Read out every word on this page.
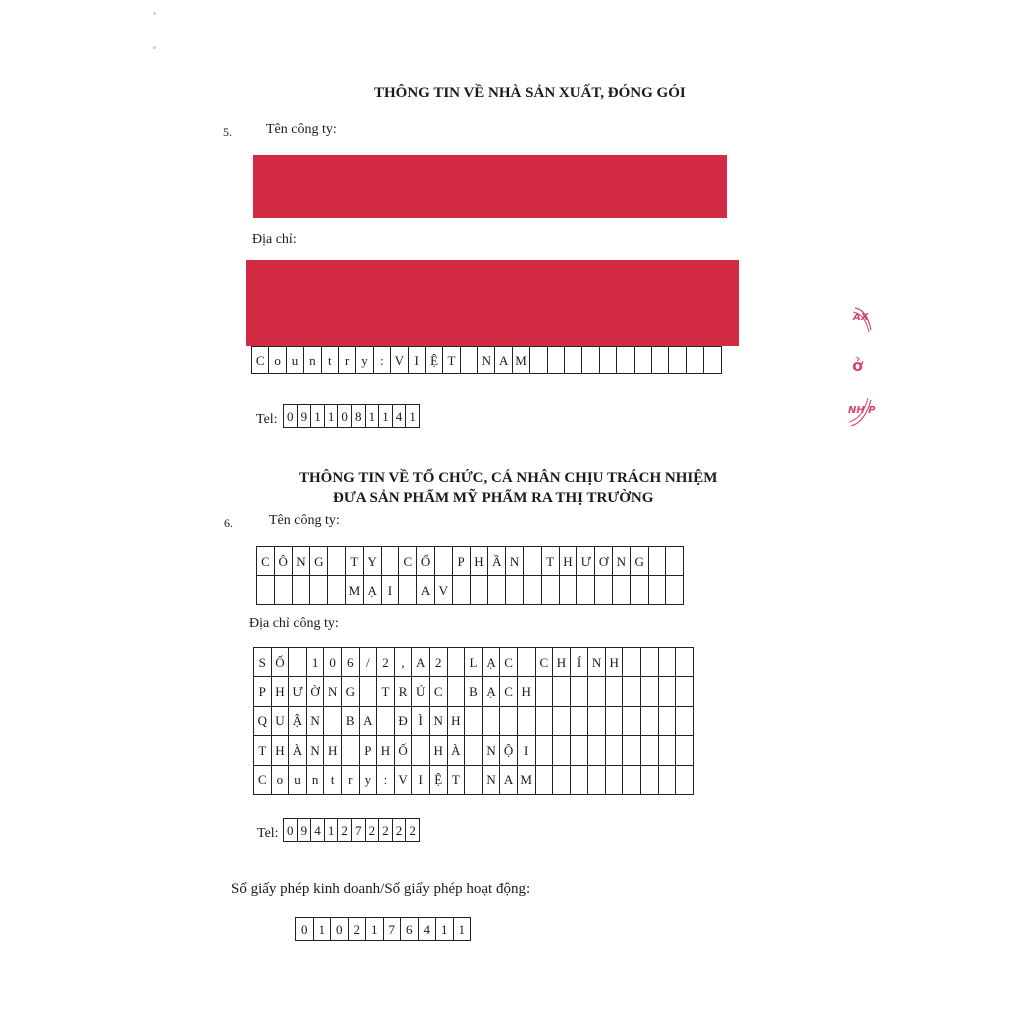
THÔNG TIN VỀ NHÀ SẢN XUẤT, ĐÓNG GÓI
5. Tên công ty:
Địa chỉ:
C	o	u	n	t	r	y	:	V	I	Ệ	T		N	A	M											
Tel: 0	9	1	1	0	8	1	1	4	1
AX
ở
NH P
THÔNG TIN VỀ TỔ CHỨC, CÁ NHÂN CHỊU TRÁCH NHIỆM
ĐƯA SẢN PHẨM MỸ PHẨM RA THỊ TRƯỜNG
6.	Tên công ty:
C	Ô	N	G		T	Y		C	Ổ		P	H	Ầ	N		T	H	Ư	Ơ	N	G		
					M	Ạ	I		A	V													
Địa chỉ công ty:
S	Ố		1	0	6	/	2	,	A	2		L	Ạ	C		C	H	Í	N	H				
P	H	Ư	Ờ	N	G		T	R	Ú	C		B	Ạ	C	H									
Q	U	Ậ	N		B	A		Đ	Ì	N	H													
T	H	À	N	H		P	H	Ố		H	À		N	Ộ	I									
C	o	u	n	t	r	y	:	V	I	Ệ	T		N	A	M									
Tel: 0	9	4	1	2	7	2	2	2	2
Số giấy phép kinh doanh/Số giấy phép hoạt động:
0	1	0	2	1	7	6	4	1	1
